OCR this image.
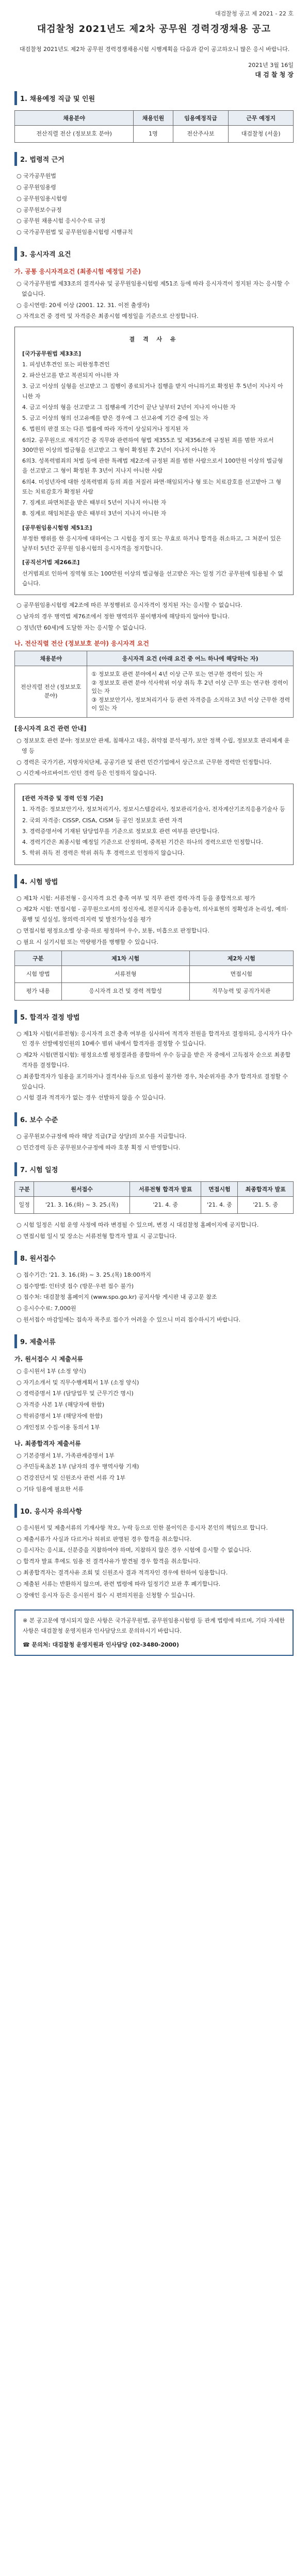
대검찰청 공고 제 2021 - 22 호
대검찰청 2021년도 제2차 공무원 경력경쟁채용 공고

대검찰청 2021년도 제2차 공무원 경력경쟁채용시험 시행계획을 다음과 같이 공고하오니 많은 응시 바랍니다.

2021년 3월 16일
대 검 찰 청 장
1. 채용예정 직급 및 인원
채용분야	채용인원	임용예정직급	근무 예정지
전산직렬 전산 (정보보호 분야)	1명	전산주사보	대검찰청 (서울)
2. 법령적 근거
○ 국가공무원법
○ 공무원임용령
○ 공무원임용시험령
○ 공무원보수규정
○ 공무원 채용시험 응시수수료 규정
○ 국가공무원법 및 공무원임용시험령 시행규칙
3. 응시자격 요건
가. 공통 응시자격요건 (최종시험 예정일 기준)
○ 국가공무원법 제33조의 결격사유 및 공무원임용시험령 제51조 등에 따라 응시자격이 정지된 자는 응시할 수 없습니다.
○ 응시연령: 20세 이상 (2001. 12. 31. 이전 출생자)
○ 자격요건 중 경력 및 자격증은 최종시험 예정일을 기준으로 산정합니다.
결 격 사 유
[국가공무원법 제33조]

1. 피성년후견인 또는 피한정후견인

2. 파산선고를 받고 복권되지 아니한 자

3. 금고 이상의 실형을 선고받고 그 집행이 종료되거나 집행을 받지 아니하기로 확정된 후 5년이 지나지 아니한 자

4. 금고 이상의 형을 선고받고 그 집행유예 기간이 끝난 날부터 2년이 지나지 아니한 자

5. 금고 이상의 형의 선고유예를 받은 경우에 그 선고유예 기간 중에 있는 자

6. 법원의 판결 또는 다른 법률에 따라 자격이 상실되거나 정지된 자

6의2. 공무원으로 재직기간 중 직무와 관련하여 형법 제355조 및 제356조에 규정된 죄를 범한 자로서 300만원 이상의 벌금형을 선고받고 그 형이 확정된 후 2년이 지나지 아니한 자

6의3. 성폭력범죄의 처벌 등에 관한 특례법 제2조에 규정된 죄를 범한 사람으로서 100만원 이상의 벌금형을 선고받고 그 형이 확정된 후 3년이 지나지 아니한 사람

6의4. 미성년자에 대한 성폭력범죄 등의 죄를 저질러 파면·해임되거나 형 또는 치료감호를 선고받아 그 형 또는 치료감호가 확정된 사람

7. 징계로 파면처분을 받은 때부터 5년이 지나지 아니한 자

8. 징계로 해임처분을 받은 때부터 3년이 지나지 아니한 자

[공무원임용시험령 제51조]

부정한 행위를 한 응시자에 대하여는 그 시험을 정지 또는 무효로 하거나 합격을 취소하고, 그 처분이 있은 날부터 5년간 공무원 임용시험의 응시자격을 정지합니다.

[공직선거법 제266조]

선거범죄로 인하여 징역형 또는 100만원 이상의 벌금형을 선고받은 자는 일정 기간 공무원에 임용될 수 없습니다.

○ 공무원임용시험령 제2조에 따른 부정행위로 응시자격이 정지된 자는 응시할 수 없습니다.
○ 남자의 경우 병역법 제76조에서 정한 병역의무 불이행자에 해당하지 않아야 합니다.
○ 정년(만 60세)에 도달한 자는 응시할 수 없습니다.
나. 전산직렬 전산 (정보보호 분야) 응시자격 요건
채용분야	응시자격 요건 (아래 요건 중 어느 하나에 해당하는 자)
전산직렬 전산 (정보보호 분야)	① 정보보호 관련 분야에서 4년 이상 근무 또는 연구한 경력이 있는 자
② 정보보호 관련 분야 석사학위 이상 취득 후 2년 이상 근무 또는 연구한 경력이 있는 자
③ 정보보안기사, 정보처리기사 등 관련 자격증을 소지하고 3년 이상 근무한 경력이 있는 자
[응시자격 요건 관련 안내]
○ 정보보호 관련 분야: 정보보안 관제, 침해사고 대응, 취약점 분석·평가, 보안 정책 수립, 정보보호 관리체계 운영 등
○ 경력은 국가기관, 지방자치단체, 공공기관 및 관련 민간기업에서 상근으로 근무한 경력만 인정합니다.
○ 시간제·아르바이트·인턴 경력 등은 인정하지 않습니다.
[관련 자격증 및 경력 인정 기준]

1. 자격증: 정보보안기사, 정보처리기사, 정보시스템감리사, 정보관리기술사, 전자계산기조직응용기술사 등

2. 국외 자격증: CISSP, CISA, CISM 등 공인 정보보호 관련 자격

3. 경력증명서에 기재된 담당업무를 기준으로 정보보호 관련 여부를 판단합니다.

4. 경력기간은 최종시험 예정일 기준으로 산정하며, 중복된 기간은 하나의 경력으로만 인정합니다.

5. 학위 취득 전 경력은 학위 취득 후 경력으로 인정하지 않습니다.

4. 시험 방법
○ 제1차 시험: 서류전형 - 응시자격 요건 충족 여부 및 직무 관련 경력·자격 등을 종합적으로 평가
○ 제2차 시험: 면접시험 - 공무원으로서의 정신자세, 전문지식과 응용능력, 의사표현의 정확성과 논리성, 예의·품행 및 성실성, 창의력·의지력 및 발전가능성을 평가
○ 면접시험 평정요소별 상·중·하로 평정하여 우수, 보통, 미흡으로 판정합니다.
○ 필요 시 실기시험 또는 역량평가를 병행할 수 있습니다.
구분	제1차 시험	제2차 시험
시험 방법	서류전형	면접시험
평가 내용	응시자격 요건 및 경력 적합성	직무능력 및 공직가치관
5. 합격자 결정 방법
○ 제1차 시험(서류전형): 응시자격 요건 충족 여부를 심사하여 적격자 전원을 합격자로 결정하되, 응시자가 다수인 경우 선발예정인원의 10배수 범위 내에서 합격자를 결정할 수 있습니다.
○ 제2차 시험(면접시험): 평정요소별 평정결과를 종합하여 우수 등급을 받은 자 중에서 고득점자 순으로 최종합격자를 결정합니다.
○ 최종합격자가 임용을 포기하거나 결격사유 등으로 임용이 불가한 경우, 차순위자를 추가 합격자로 결정할 수 있습니다.
○ 시험 결과 적격자가 없는 경우 선발하지 않을 수 있습니다.
6. 보수 수준
○ 공무원보수규정에 따라 해당 직급(7급 상당)의 보수를 지급합니다.
○ 민간경력 등은 공무원보수규정에 따라 호봉 획정 시 반영합니다.
7. 시험 일정
구분	원서접수	서류전형 합격자 발표	면접시험	최종합격자 발표
일정	'21. 3. 16.(화) ~ 3. 25.(목)	'21. 4. 중	'21. 4. 중	'21. 5. 중
○ 시험 일정은 시험 운영 사정에 따라 변경될 수 있으며, 변경 시 대검찰청 홈페이지에 공지합니다.
○ 면접시험 일시 및 장소는 서류전형 합격자 발표 시 공고합니다.
8. 원서접수
○ 접수기간: '21. 3. 16.(화) ~ 3. 25.(목) 18:00까지
○ 접수방법: 인터넷 접수 (방문·우편 접수 불가)
○ 접수처: 대검찰청 홈페이지 (www.spo.go.kr) 공지사항 게시판 내 공고문 참조
○ 응시수수료: 7,000원
○ 원서접수 마감일에는 접속자 폭주로 접수가 어려울 수 있으니 미리 접수하시기 바랍니다.
9. 제출서류
가. 원서접수 시 제출서류
○ 응시원서 1부 (소정 양식)
○ 자기소개서 및 직무수행계획서 1부 (소정 양식)
○ 경력증명서 1부 (담당업무 및 근무기간 명시)
○ 자격증 사본 1부 (해당자에 한함)
○ 학위증명서 1부 (해당자에 한함)
○ 개인정보 수집·이용 동의서 1부
나. 최종합격자 제출서류
○ 기본증명서 1부, 가족관계증명서 1부
○ 주민등록초본 1부 (남자의 경우 병역사항 기재)
○ 건강진단서 및 신원조사 관련 서류 각 1부
○ 기타 임용에 필요한 서류
10. 응시자 유의사항
○ 응시원서 및 제출서류의 기재사항 착오, 누락 등으로 인한 불이익은 응시자 본인의 책임으로 합니다.
○ 제출서류가 사실과 다르거나 허위로 판명된 경우 합격을 취소합니다.
○ 응시자는 응시표, 신분증을 지참하여야 하며, 지참하지 않은 경우 시험에 응시할 수 없습니다.
○ 합격자 발표 후에도 임용 전 결격사유가 발견될 경우 합격을 취소합니다.
○ 최종합격자는 결격사유 조회 및 신원조사 결과 적격자인 경우에 한하여 임용합니다.
○ 제출된 서류는 반환하지 않으며, 관련 법령에 따라 일정기간 보관 후 폐기합니다.
○ 장애인 응시자 등은 응시원서 접수 시 편의지원을 신청할 수 있습니다.
※ 본 공고문에 명시되지 않은 사항은 국가공무원법, 공무원임용시험령 등 관계 법령에 따르며, 기타 자세한 사항은 대검찰청 운영지원과 인사담당으로 문의하시기 바랍니다.
☎ 문의처: 대검찰청 운영지원과 인사담당 (02-3480-2000)
